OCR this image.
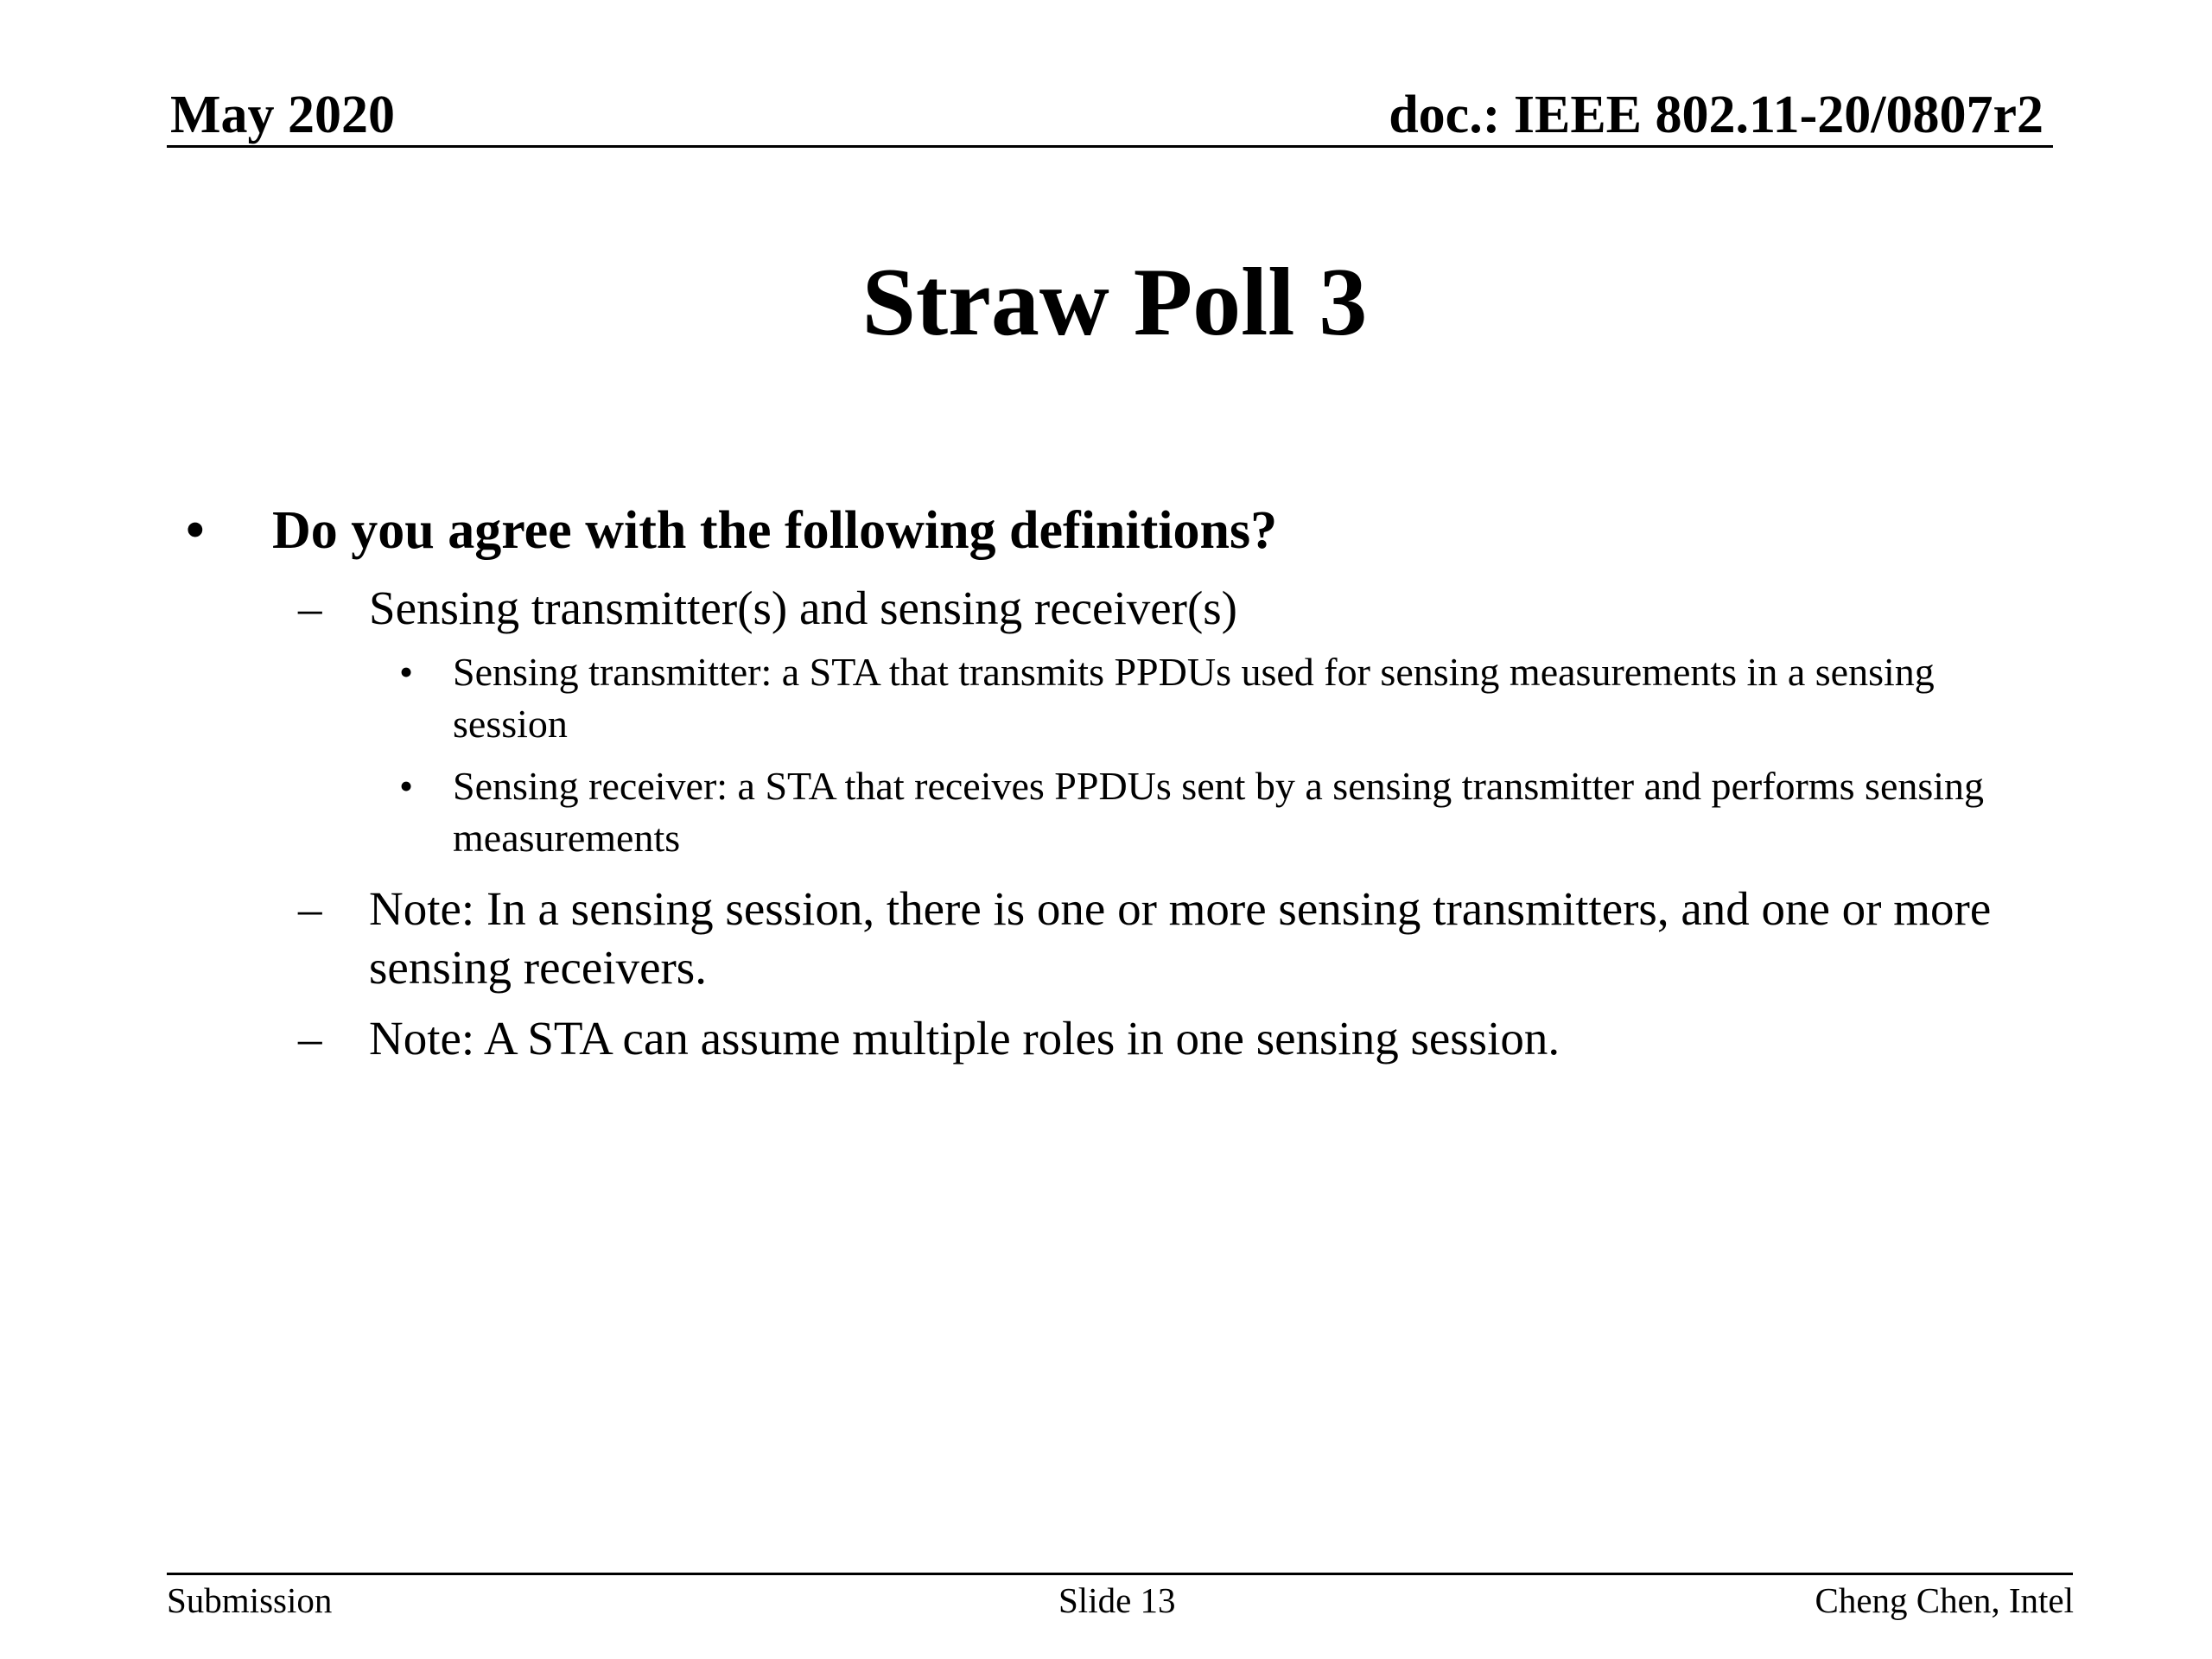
May 2020	doc.: IEEE 802.11-20/0807r2
Straw Poll 3
•	Do you agree with the following definitions?
– Sensing transmitter(s) and sensing receiver(s)
• Sensing transmitter: a STA that transmits PPDUs used for sensing measurements in a sensing session
• Sensing receiver: a STA that receives PPDUs sent by a sensing transmitter and performs sensing measurements
– Note: In a sensing session, there is one or more sensing transmitters, and one or more sensing receivers.
– Note: A STA can assume multiple roles in one sensing session.
Submission	Slide 13	Cheng Chen, Intel
